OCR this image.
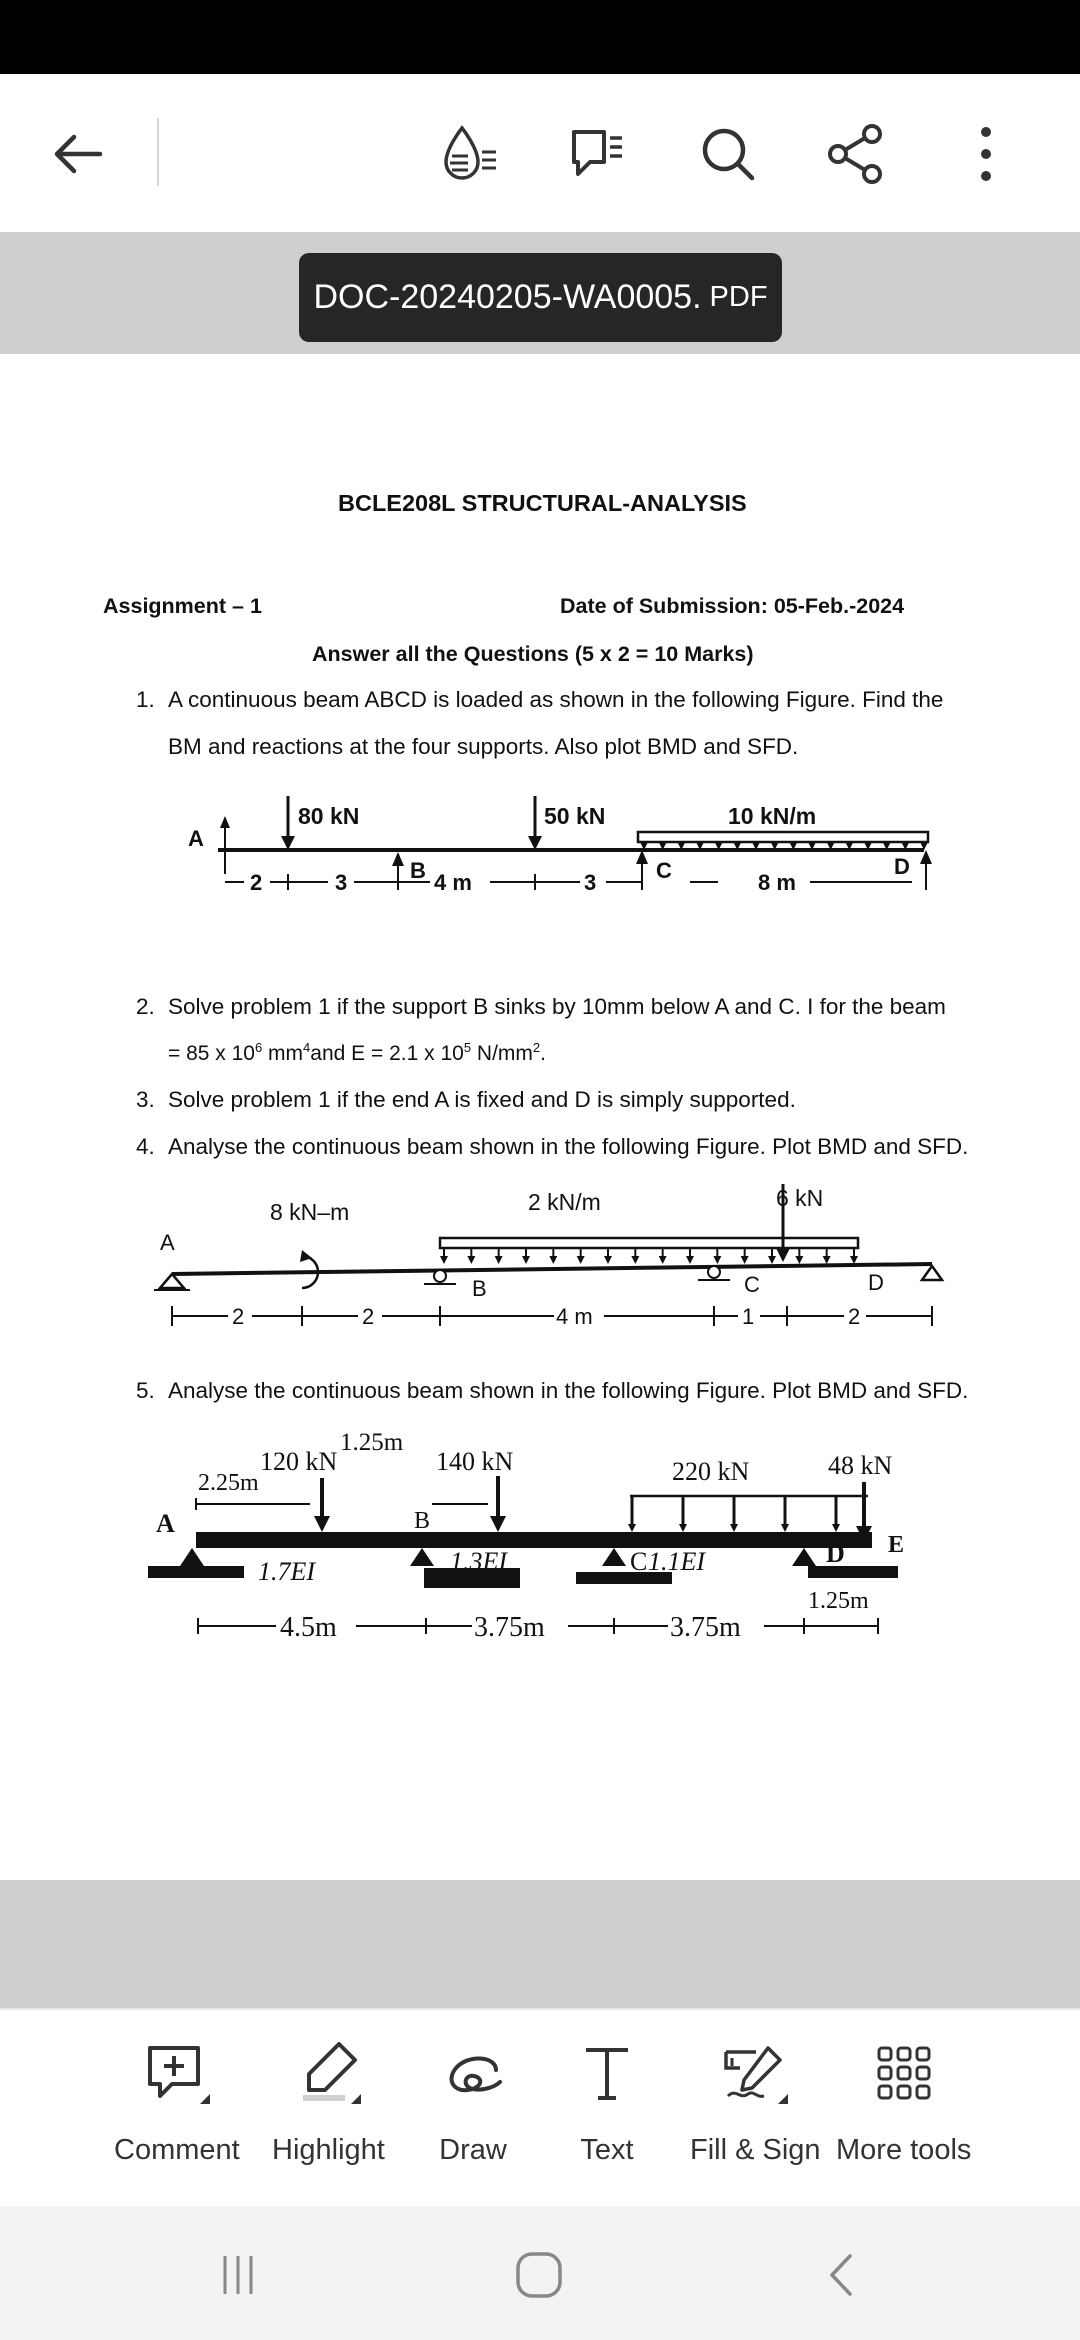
DOC-20240205-WA0005. PDF
BCLE208L STRUCTURAL-ANALYSIS
Assignment – 1	Date of Submission: 05-Feb.-2024
Answer all the Questions (5 x 2 = 10 Marks)
1. A continuous beam ABCD is loaded as shown in the following Figure. Find the
BM and reactions at the four supports. Also plot BMD and SFD.
A
80 kN
B
50 kN	10 kN/m
C	D
2	3	4 m	3	8 m
2. Solve problem 1 if the support B sinks by 10mm below A and C. I for the beam
= 85 x $10^6$ $mm^4and$ E = 2.1 x $10^5$ $N/mm^2$.
3. Solve problem 1 if the end A is fixed and D is simply supported.
4. Analyse the continuous beam shown in the following Figure. Plot BMD and SFD.
8 kN–m	2 kN/m	6 kN
A
B	C	D
2	2	4 m	1	2
5. Analyse the continuous beam shown in the following Figure. Plot BMD and SFD.
1.25m
120 kN	140 kN	220 kN	48 kN
2.25m
A	B
E
1.7EI	1.3EI	C 1.1EI	D
1.25m
4.5m	3.75m	3.75m
Comment Highlight Draw	Text Fill & Sign More tools
